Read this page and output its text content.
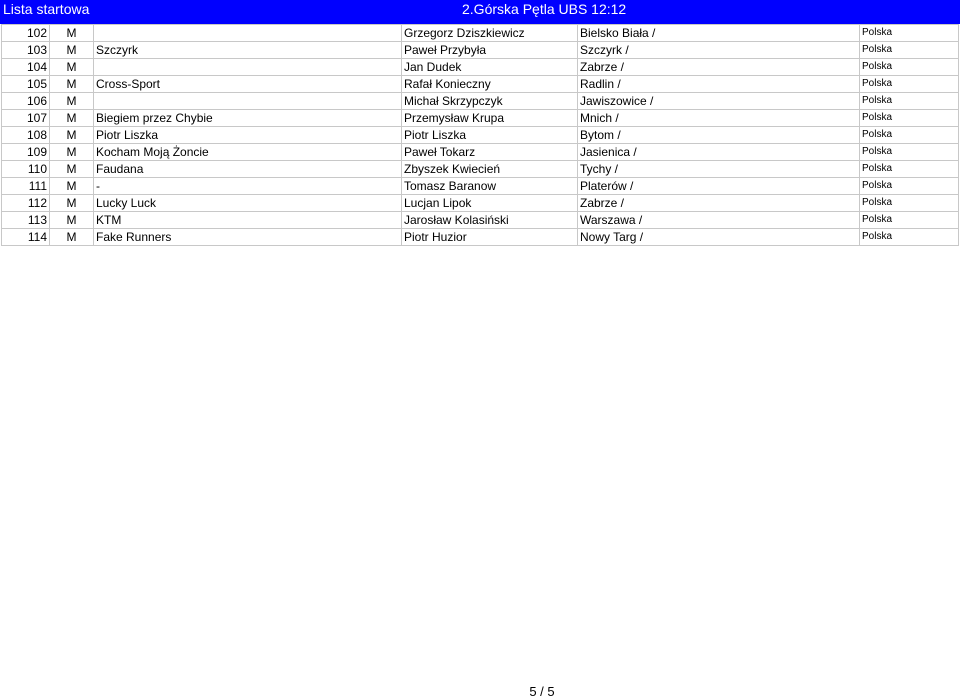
Lista startowa	2.Górska Pętla UBS 12:12
102	M		Grzegorz Dziszkiewicz	Bielsko Biała /	Polska
103	M	Szczyrk	Paweł Przybyła	Szczyrk /	Polska
104	M		Jan Dudek	Zabrze /	Polska
105	M	Cross-Sport	Rafał Konieczny	Radlin /	Polska
106	M		Michał Skrzypczyk	Jawiszowice /	Polska
107	M	Biegiem przez Chybie	Przemysław Krupa	Mnich /	Polska
108	M	Piotr Liszka	Piotr Liszka	Bytom /	Polska
109	M	Kocham Moją Żoncie	Paweł Tokarz	Jasienica /	Polska
110	M	Faudana	Zbyszek Kwiecień	Tychy /	Polska
111	M	-	Tomasz Baranow	Platerów /	Polska
112	M	Lucky Luck	Lucjan Lipok	Zabrze /	Polska
113	M	KTM	Jarosław Kolasiński	Warszawa /	Polska
114	M	Fake Runners	Piotr Huzior	Nowy Targ /	Polska
5 / 5
